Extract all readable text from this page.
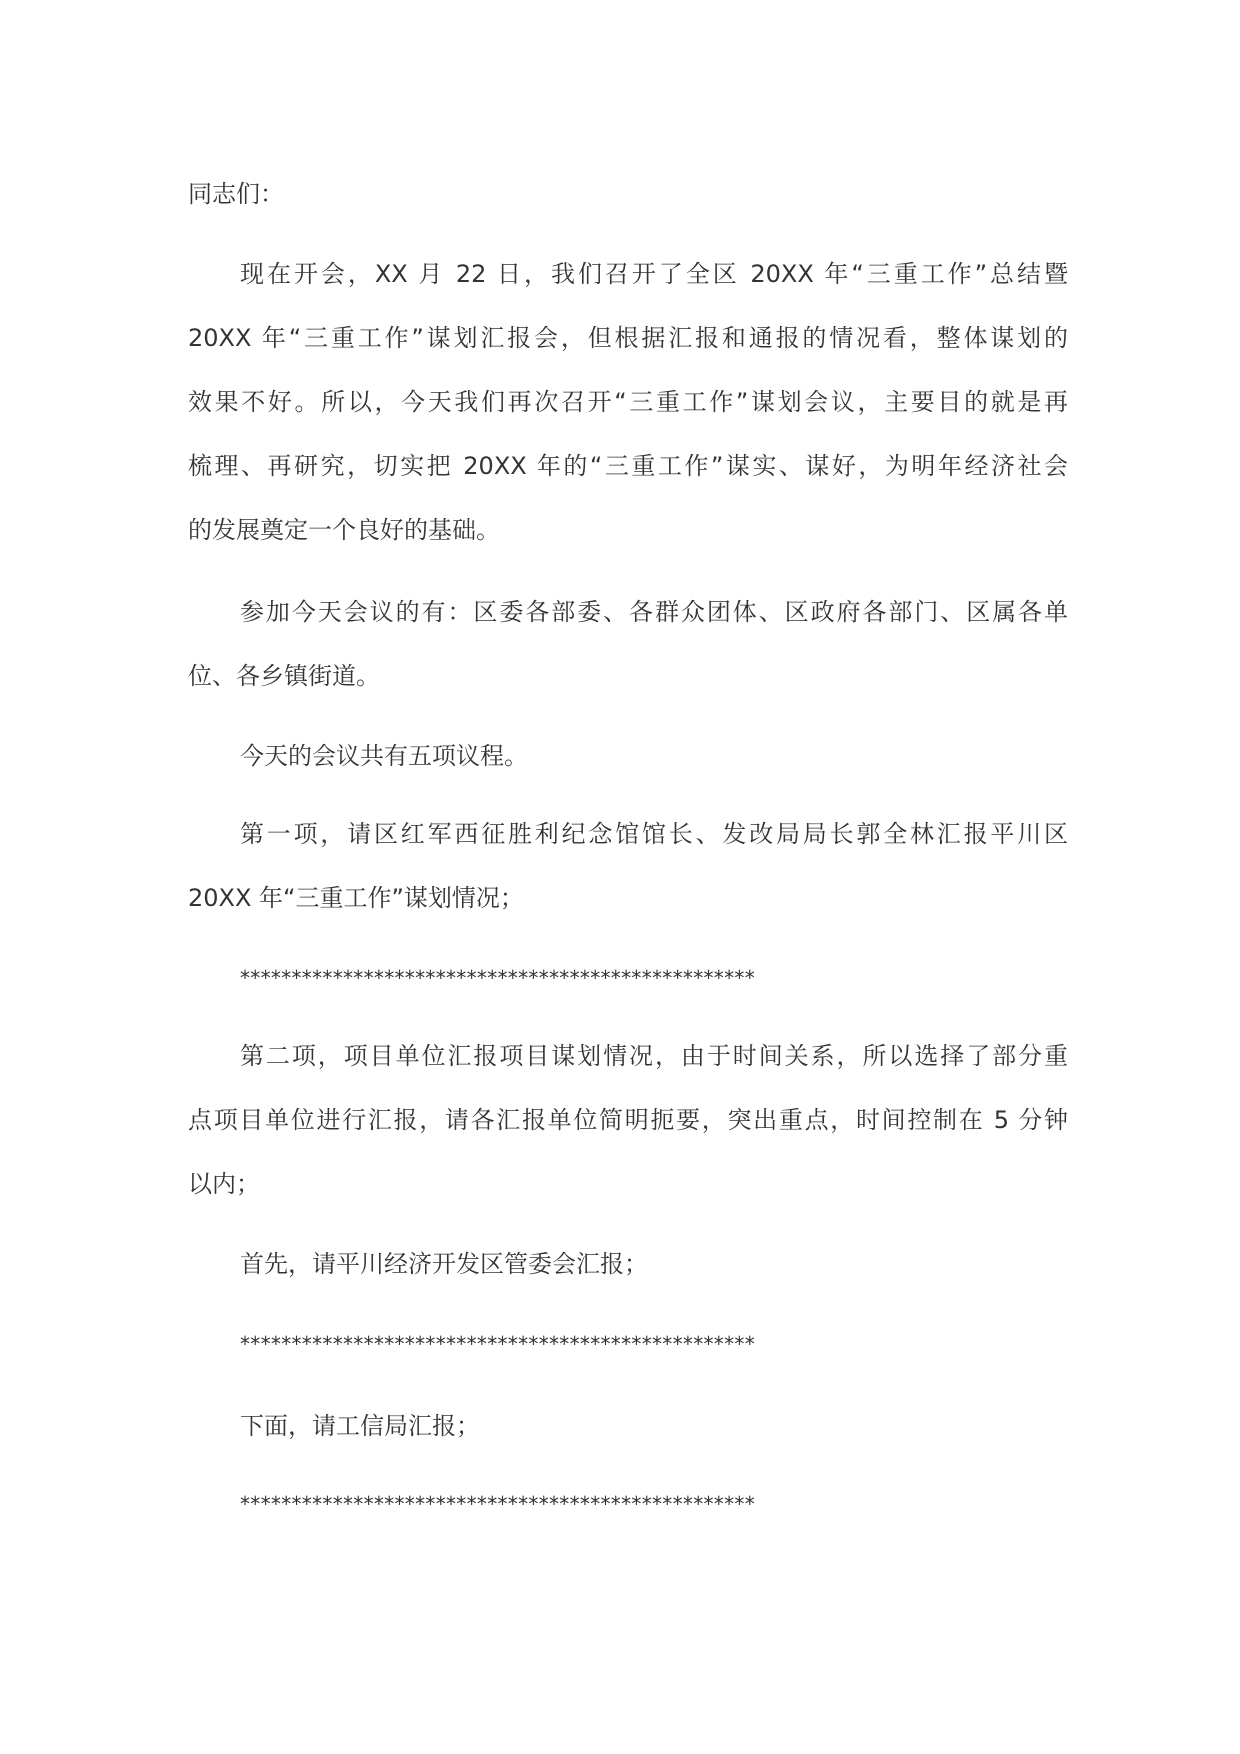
同志们：
现在开会，XX 月 22 日，我们召开了全区 20XX 年“三重工作”总结暨
20XX 年“三重工作”谋划汇报会，但根据汇报和通报的情况看，整体谋划的
效果不好。所以，今天我们再次召开“三重工作”谋划会议，主要目的就是再
梳理、再研究，切实把 20XX 年的“三重工作”谋实、谋好，为明年经济社会
的发展奠定一个良好的基础。
参加今天会议的有：区委各部委、各群众团体、区政府各部门、区属各单
位、各乡镇街道。
今天的会议共有五项议程。
第一项，请区红军西征胜利纪念馆馆长、发改局局长郭全林汇报平川区
20XX 年“三重工作”谋划情况；
**************************************************
第二项，项目单位汇报项目谋划情况，由于时间关系，所以选择了部分重
点项目单位进行汇报，请各汇报单位简明扼要，突出重点，时间控制在 5 分钟
以内；
首先，请平川经济开发区管委会汇报；
**************************************************
下面，请工信局汇报；
**************************************************
